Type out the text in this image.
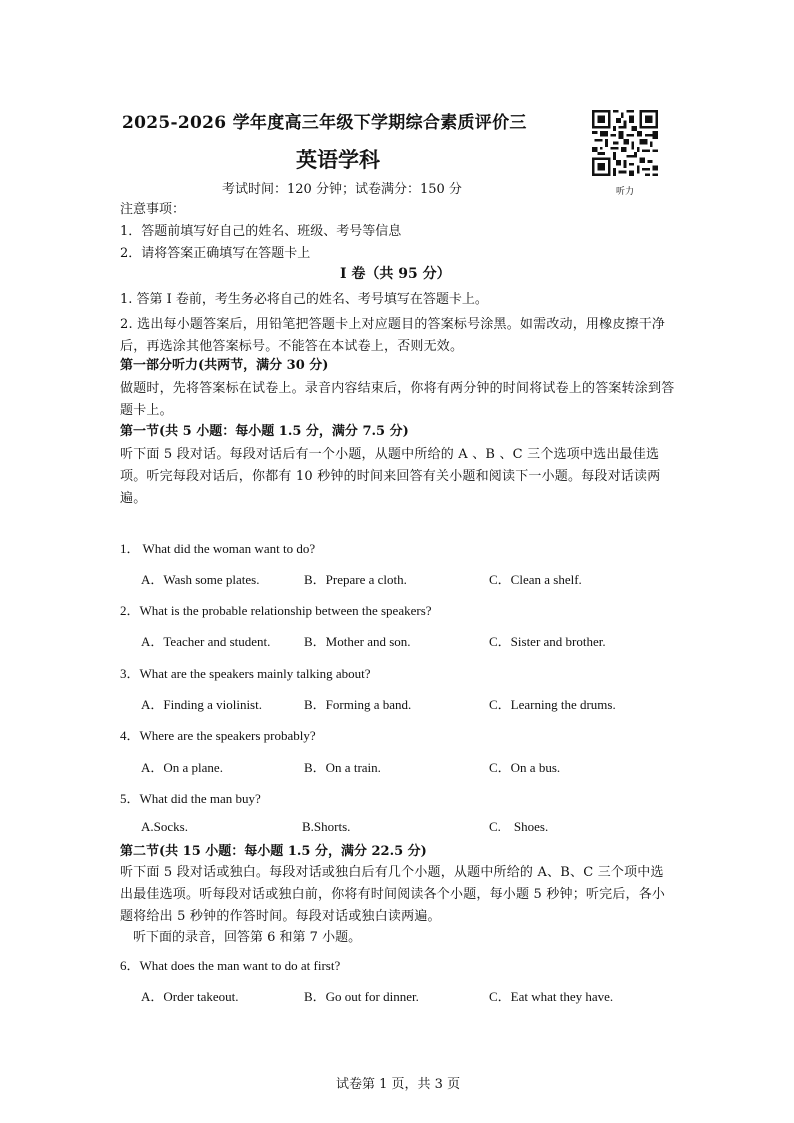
2025-2026 学年度高三年级下学期综合素质评价三
英语学科
考试时间：120 分钟；试卷满分：150 分	听力
注意事项：
1．答题前填写好自己的姓名、班级、考号等信息
2．请将答案正确填写在答题卡上
I 卷（共 95 分）
1. 答第 I 卷前，考生务必将自己的姓名、考号填写在答题卡上。
2. 选出每小题答案后，用铅笔把答题卡上对应题目的答案标号涂黑。如需改动，用橡皮擦干净后，再选涂其他答案标号。不能答在本试卷上，否则无效。
第一部分听力(共两节，满分 30 分)
做题时，先将答案标在试卷上。录音内容结束后，你将有两分钟的时间将试卷上的答案转涂到答题卡上。
第一节(共 5 小题：每小题 1.5 分，满分 7.5 分)
听下面 5 段对话。每段对话后有一个小题，从题中所给的 A 、B 、C 三个选项中选出最佳选项。听完每段对话后，你都有 10 秒钟的时间来回答有关小题和阅读下一小题。每段对话读两遍。
1． What did the woman want to do?
A．Wash some plates.	B．Prepare a cloth.	C．Clean a shelf.
2．What is the probable relationship between the speakers?
A．Teacher and student.	B．Mother and son.	C．Sister and brother.
3．What are the speakers mainly talking about?
A．Finding a violinist.	B．Forming a band.	C．Learning the drums.
4．Where are the speakers probably?
A．On a plane.	B．On a train.	C．On a bus.
5．What did the man buy?
A.Socks.	B.Shorts.	C.    Shoes.
第二节(共 15 小题：每小题 1.5 分，满分 22.5 分)
听下面 5 段对话或独白。每段对话或独白后有几个小题，从题中所给的 A、B、C 三个项中选出最佳选项。听每段对话或独白前，你将有时间阅读各个小题，每小题 5 秒钟；听完后，各小题将给出 5 秒钟的作答时间。每段对话或独白读两遍。
听下面的录音，回答第 6 和第 7 小题。
6．What does the man want to do at first?
A．Order takeout.	B．Go out for dinner.	C．Eat what they have.
试卷第 1 页，共 3 页
